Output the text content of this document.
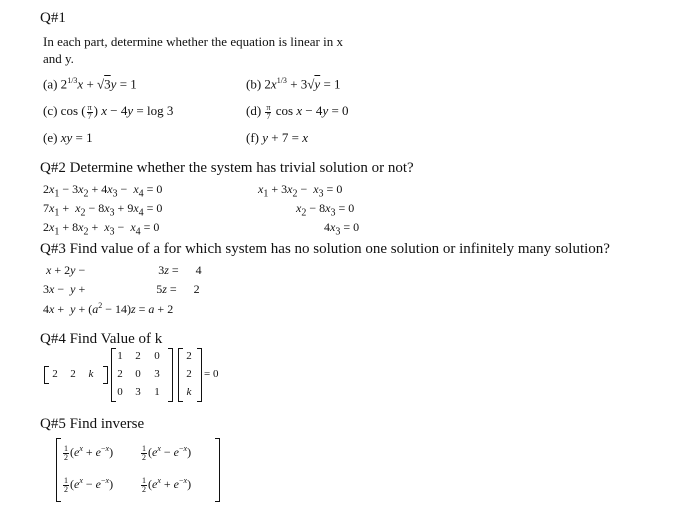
Q#1
In each part, determine whether the equation is linear in x
and y.
(a) $2^{1/3}x + √3y = 1$	(b) $2x^{1/3} + 3√y = 1$
(c) cos ( $\frac{\pi}{7}$ ) x − 4y = log 3	$(d) \frac{\pi}{7}$ cos x − 4y = 0
(e) xy = 1	(f) y + 7 = x
Q#2 Determine whether the system has trivial solution or not?
$2x_1 - 3x_2 + 4x_3 - x_4 = 0$
$7x_1 + x_2 - 8x_3 + 9x_4 = 0$
$2x_1 + 8x_2 + x_3 - x_4 = 0$
$x_1 + 3x_2 - x_3 = 0$
$x_2 - 8x_3 = 0$
$4x_3 = 0$
Q#3 Find value of a for which system has no solution one solution or infinitely many solution?
x + 2y −	3z = 4
3x −  y +	5z = 2
$4x + y + (a^2 - 14)z = a + 2$
Q#4 Find Value of k
2	2	k
1	2	0
2	0	3
0	3	1
2
2
k
= 0
Q#5 Find inverse
$\frac{1}{2} (e^x + e^{-x})$	$\frac{1}{2} (e^x - e^{-x})$
$\frac{1}{2} (e^x - e^{-x})$	$\frac{1}{2} (e^x + e^{-x})$
